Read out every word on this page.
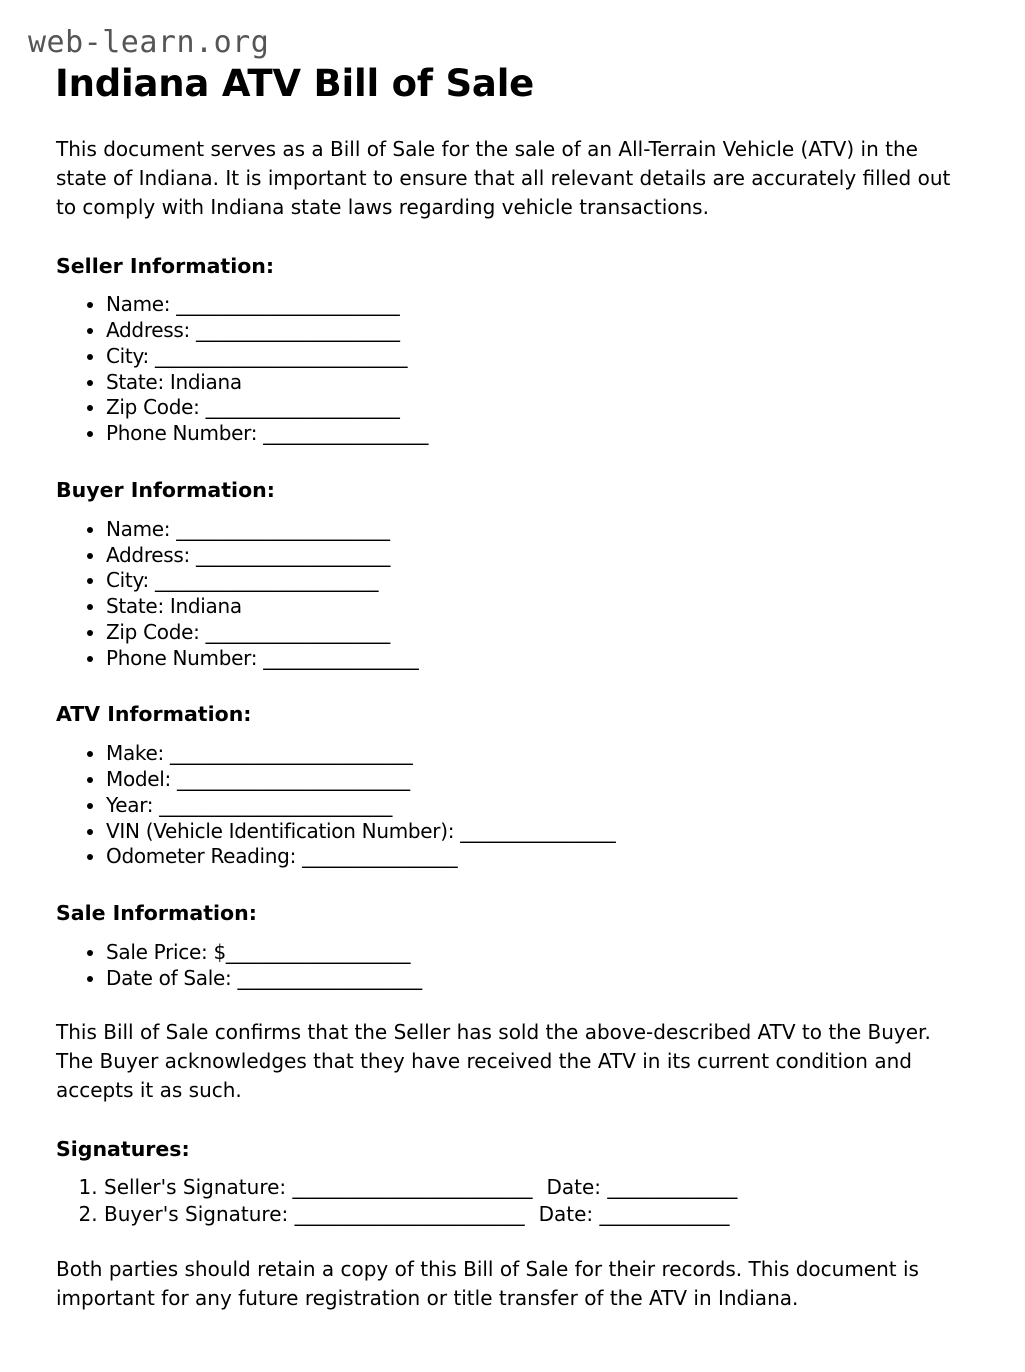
web-learn.org
Indiana ATV Bill of Sale

This document serves as a Bill of Sale for the sale of an All-Terrain Vehicle (ATV) in the state of Indiana. It is important to ensure that all relevant details are accurately filled out to comply with Indiana state laws regarding vehicle transactions.

Seller Information:
• Name: _______________________
• Address: _____________________
• City: __________________________
• State: Indiana
• Zip Code: ____________________
• Phone Number: _________________
Buyer Information:
• Name: ______________________
• Address: ____________________
• City: _______________________
• State: Indiana
• Zip Code: ___________________
• Phone Number: ________________
ATV Information:
• Make: _________________________
• Model: ________________________
• Year: ________________________
• VIN (Vehicle Identification Number): ________________
• Odometer Reading: ________________
Sale Information:
• Sale Price: $___________________
• Date of Sale: ___________________

This Bill of Sale confirms that the Seller has sold the above-described ATV to the Buyer. The Buyer acknowledges that they have received the ATV in its current condition and accepts it as such.

Signatures:
1. Seller's Signature: ________________________ Date: _____________
2. Buyer's Signature: _______________________ Date: _____________

Both parties should retain a copy of this Bill of Sale for their records. This document is important for any future registration or title transfer of the ATV in Indiana.
